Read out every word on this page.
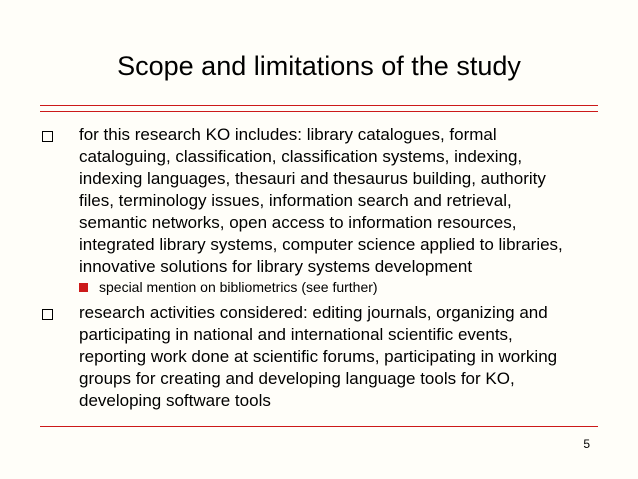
Scope and limitations of the study
for this research KO includes: library catalogues, formal
cataloguing, classification, classification systems, indexing,
indexing languages, thesauri and thesaurus building, authority
files, terminology issues, information search and retrieval,
semantic networks, open access to information resources,
integrated library systems, computer science applied to libraries,
innovative solutions for library systems development
special mention on bibliometrics (see further)
research activities considered: editing journals, organizing and
participating in national and international scientific events,
reporting work done at scientific forums, participating in working
groups for creating and developing language tools for KO,
developing software tools
5
